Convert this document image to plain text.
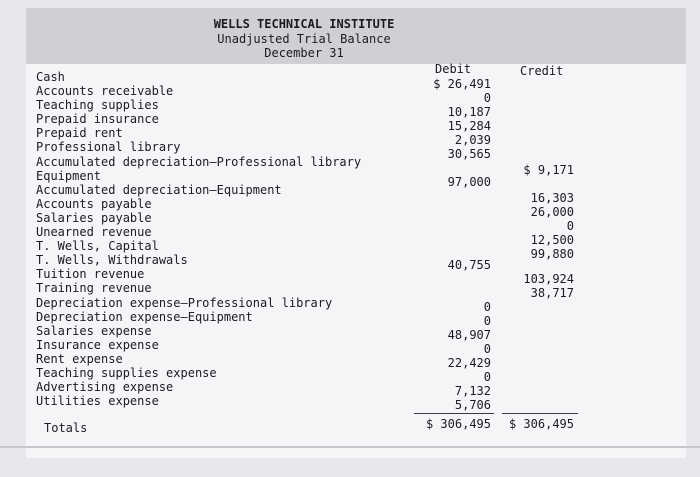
WELLS TECHNICAL INSTITUTE
Unadjusted Trial Balance
December 31
Debit	Credit
Cash
Accounts receivable
Teaching supplies
Prepaid insurance
Prepaid rent
Professional library
Accumulated depreciation—Professional library
Equipment
Accumulated depreciation—Equipment
Accounts payable
Salaries payable
Unearned revenue
T. Wells, Capital
T. Wells, Withdrawals
Tuition revenue
Training revenue
Depreciation expense—Professional library
Depreciation expense—Equipment
Salaries expense
Insurance expense
Rent expense
Teaching supplies expense
Advertising expense
Utilities expense
Totals
$ 26,491
0
10,187
15,284
2,039
30,565
$ 9,171
97,000
16,303
26,000
0
12,500
99,880
40,755
103,924
38,717
0
0
48,907
0
22,429
0
7,132
5,706
$ 306,495	$ 306,495
